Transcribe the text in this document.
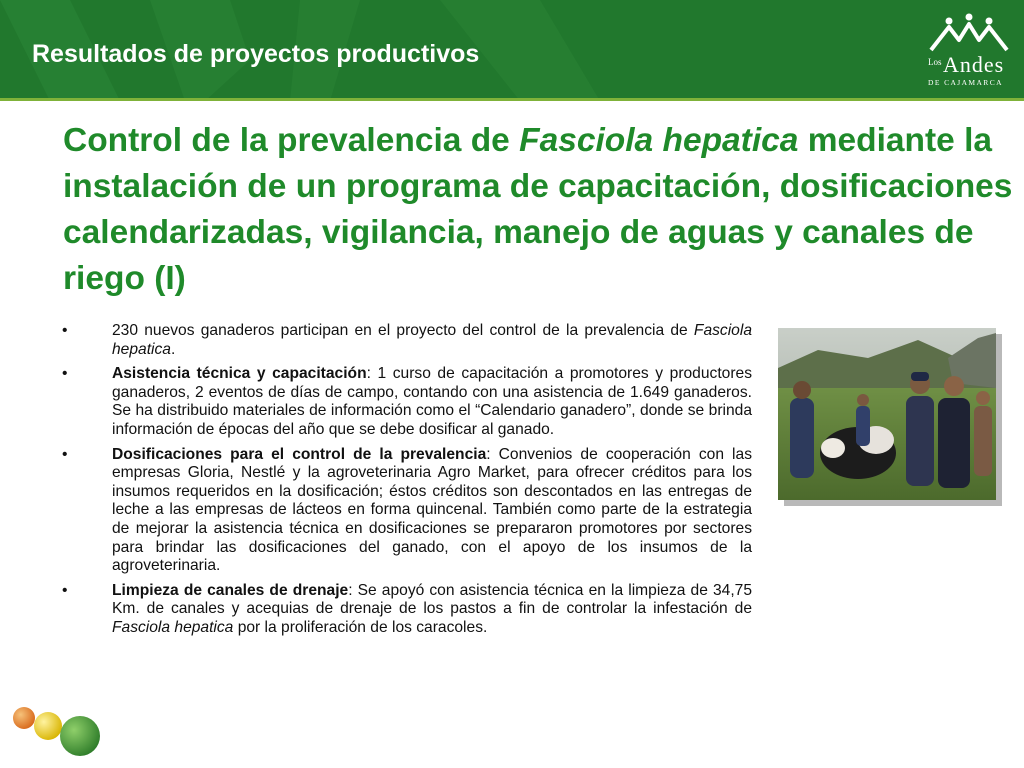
Resultados de proyectos productivos	Los Andes
DE CAJAMARCA
Control de la prevalencia de Fasciola hepatica mediante la instalación de un programa de capacitación, dosificaciones calendarizadas, vigilancia, manejo de aguas y canales de riego (I)
•	230 nuevos ganaderos participan en el proyecto del control de la prevalencia de Fasciola hepatica.
•	Asistencia técnica y capacitación: 1 curso de capacitación a promotores y productores ganaderos, 2 eventos de días de campo, contando con una asistencia de 1.649 ganaderos. Se ha distribuido materiales de información como el “Calendario ganadero”, donde se brinda información de épocas del año que se debe dosificar al ganado.
•	Dosificaciones para el control de la prevalencia: Convenios de cooperación con las empresas Gloria, Nestlé y la agroveterinaria Agro Market, para ofrecer créditos para los insumos requeridos en la dosificación; éstos créditos son descontados en las entregas de leche a las empresas de lácteos en forma quincenal. También como parte de la estrategia de mejorar la asistencia técnica en dosificaciones se prepararon promotores por sectores para brindar las dosificaciones del ganado, con el apoyo de los insumos de la agroveterinaria.
•	Limpieza de canales de drenaje: Se apoyó con asistencia técnica en la limpieza de 34,75 Km. de canales y acequias de drenaje de los pastos a fin de controlar la infestación de Fasciola hepatica por la proliferación de los caracoles.
